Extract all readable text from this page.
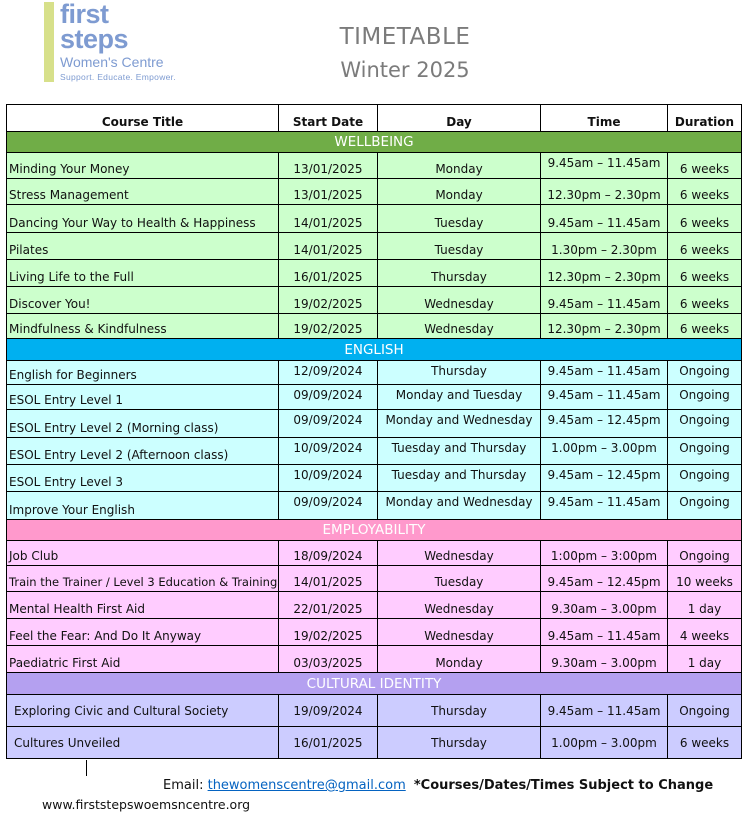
first
steps
Women's Centre
Support. Educate. Empower.
TIMETABLE
Winter 2025
Course Title	Start Date	Day	Time	Duration
WELLBEING				
Minding Your Money	13/01/2025	Monday	9.45am – 11.45am	6 weeks
Stress Management	13/01/2025	Monday	12.30pm – 2.30pm	6 weeks
Dancing Your Way to Health & Happiness	14/01/2025	Tuesday	9.45am – 11.45am	6 weeks
Pilates	14/01/2025	Tuesday	1.30pm – 2.30pm	6 weeks
Living Life to the Full	16/01/2025	Thursday	12.30pm – 2.30pm	6 weeks
Discover You!	19/02/2025	Wednesday	9.45am – 11.45am	6 weeks
Mindfulness & Kindfulness	19/02/2025	Wednesday	12.30pm – 2.30pm	6 weeks
ENGLISH				
English for Beginners	12/09/2024	Thursday	9.45am – 11.45am	Ongoing
ESOL Entry Level 1	09/09/2024	Monday and Tuesday	9.45am – 11.45am	Ongoing
ESOL Entry Level 2 (Morning class)	09/09/2024	Monday and Wednesday	9.45am – 12.45pm	Ongoing
ESOL Entry Level 2 (Afternoon class)	10/09/2024	Tuesday and Thursday	1.00pm – 3.00pm	Ongoing
ESOL Entry Level 3	10/09/2024	Tuesday and Thursday	9.45am – 12.45pm	Ongoing
Improve Your English	09/09/2024	Monday and Wednesday	9.45am – 11.45am	Ongoing
EMPLOYABILITY				
Job Club	18/09/2024	Wednesday	1:00pm – 3:00pm	Ongoing
Train the Trainer / Level 3 Education & Training	14/01/2025	Tuesday	9.45am – 12.45pm	10 weeks
Mental Health First Aid	22/01/2025	Wednesday	9.30am – 3.00pm	1 day
Feel the Fear: And Do It Anyway	19/02/2025	Wednesday	9.45am – 11.45am	4 weeks
Paediatric First Aid	03/03/2025	Monday	9.30am – 3.00pm	1 day
CULTURAL IDENTITY				
Exploring Civic and Cultural Society	19/09/2024	Thursday	9.45am – 11.45am	Ongoing
Cultures Unveiled	16/01/2025	Thursday	1.00pm – 3.00pm	6 weeks
Email: thewomenscentre@gmail.com *Courses/Dates/Times Subject to Change
www.firststepswoemsncentre.org
